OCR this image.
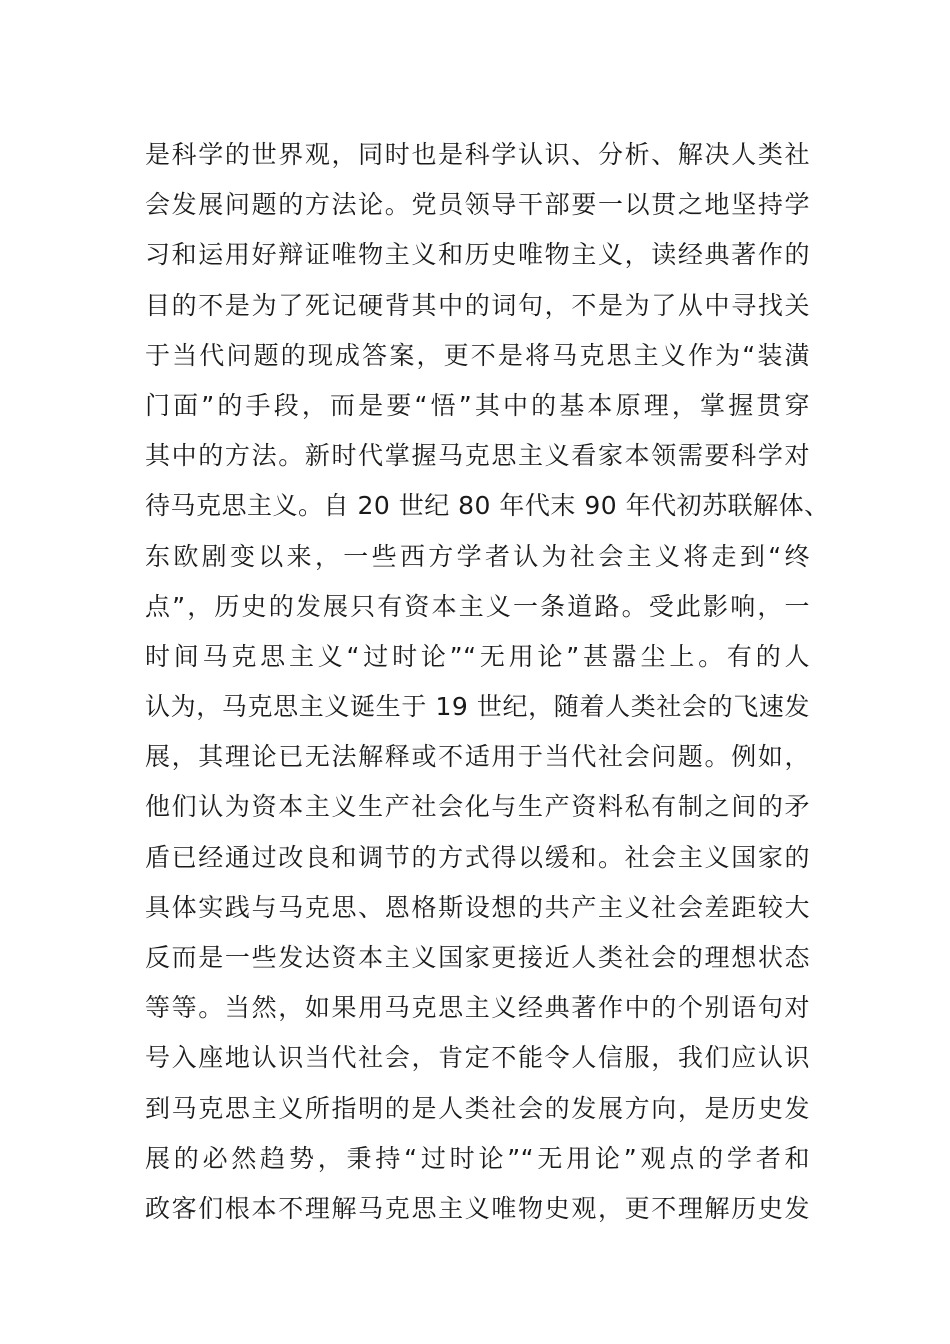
是科学的世界观，同时也是科学认识、分析、解决人类社
会发展问题的方法论。党员领导干部要一以贯之地坚持学
习和运用好辩证唯物主义和历史唯物主义，读经典著作的
目的不是为了死记硬背其中的词句，不是为了从中寻找关
于当代问题的现成答案，更不是将马克思主义作为“装潢
门面”的手段，而是要“悟”其中的基本原理，掌握贯穿
其中的方法。新时代掌握马克思主义看家本领需要科学对
待马克思主义。自 20 世纪 80 年代末 90 年代初苏联解体、
东欧剧变以来，一些西方学者认为社会主义将走到“终
点”，历史的发展只有资本主义一条道路。受此影响，一
时间马克思主义“过时论”“无用论”甚嚣尘上。有的人
认为，马克思主义诞生于 19 世纪，随着人类社会的飞速发
展，其理论已无法解释或不适用于当代社会问题。例如，
他们认为资本主义生产社会化与生产资料私有制之间的矛
盾已经通过改良和调节的方式得以缓和。社会主义国家的
具体实践与马克思、恩格斯设想的共产主义社会差距较大
反而是一些发达资本主义国家更接近人类社会的理想状态
等等。当然，如果用马克思主义经典著作中的个别语句对
号入座地认识当代社会，肯定不能令人信服，我们应认识
到马克思主义所指明的是人类社会的发展方向，是历史发
展的必然趋势，秉持“过时论”“无用论”观点的学者和
政客们根本不理解马克思主义唯物史观，更不理解历史发
